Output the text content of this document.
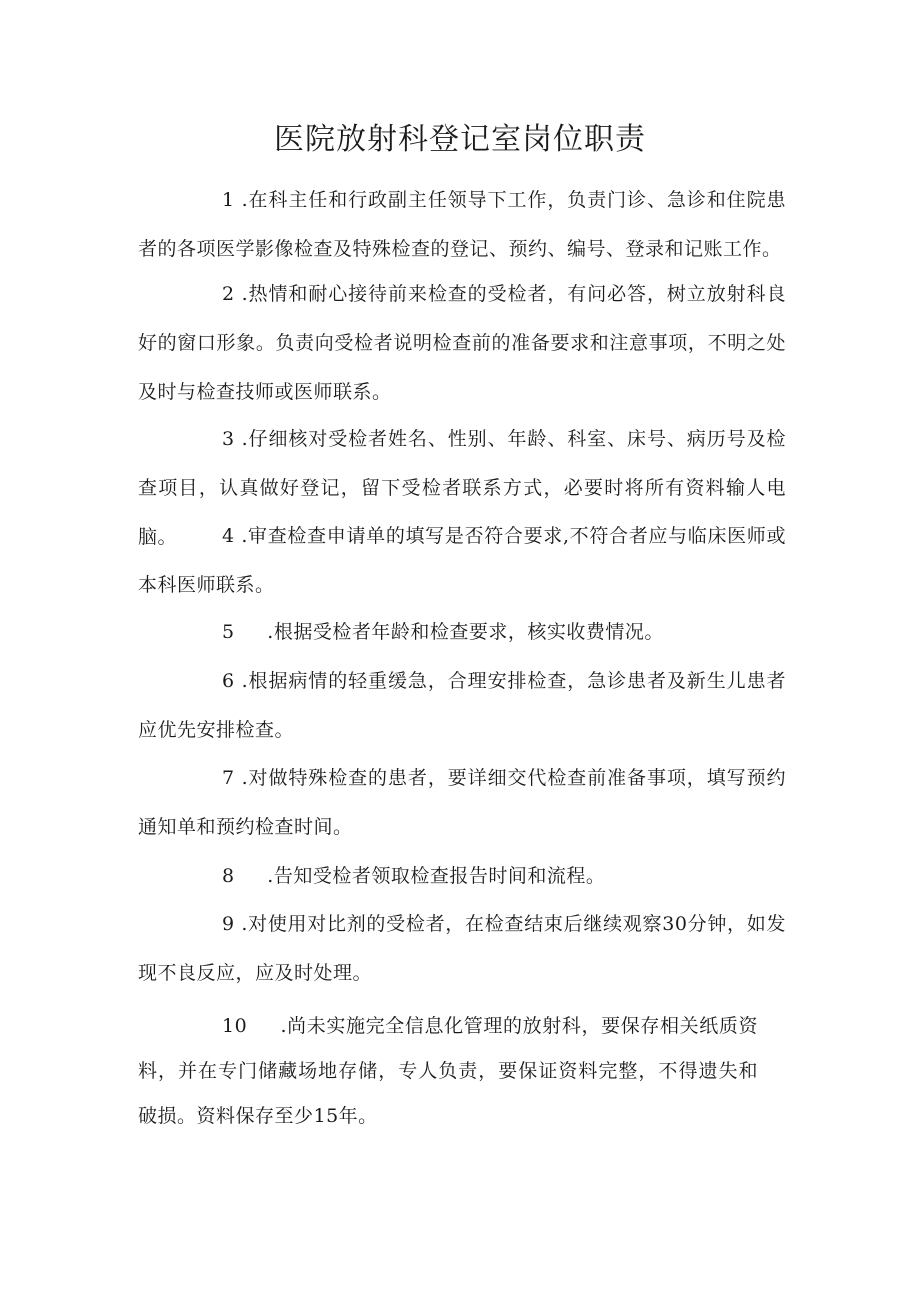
医院放射科登记室岗位职责

1 .在科主任和行政副主任领导下工作，负责门诊、急诊和住院患者的各项医学影像检查及特殊检查的登记、预约、编号、登录和记账工作。

2 .热情和耐心接待前来检查的受检者，有问必答，树立放射科良好的窗口形象。负责向受检者说明检查前的准备要求和注意事项，不明之处及时与检查技师或医师联系。

3 .仔细核对受检者姓名、性别、年龄、科室、床号、病历号及检查项目，认真做好登记，留下受检者联系方式，必要时将所有资料输人电脑。	4 .审查检查申请单的填写是否符合要求,不符合者应与临床医师或本科医师联系。

5 .根据受检者年龄和检查要求，核实收费情况。

6 .根据病情的轻重缓急，合理安排检查，急诊患者及新生儿患者应优先安排检查。

7 .对做特殊检查的患者，要详细交代检查前准备事项，填写预约通知单和预约检查时间。

8 .告知受检者领取检查报告时间和流程。

9 .对使用对比剂的受检者，在检查结束后继续观察30分钟，如发现不良反应，应及时处理。

10 .尚未实施完全信息化管理的放射科，要保存相关纸质资料，并在专门储藏场地存储，专人负责，要保证资料完整，不得遗失和破损。资料保存至少15年。
